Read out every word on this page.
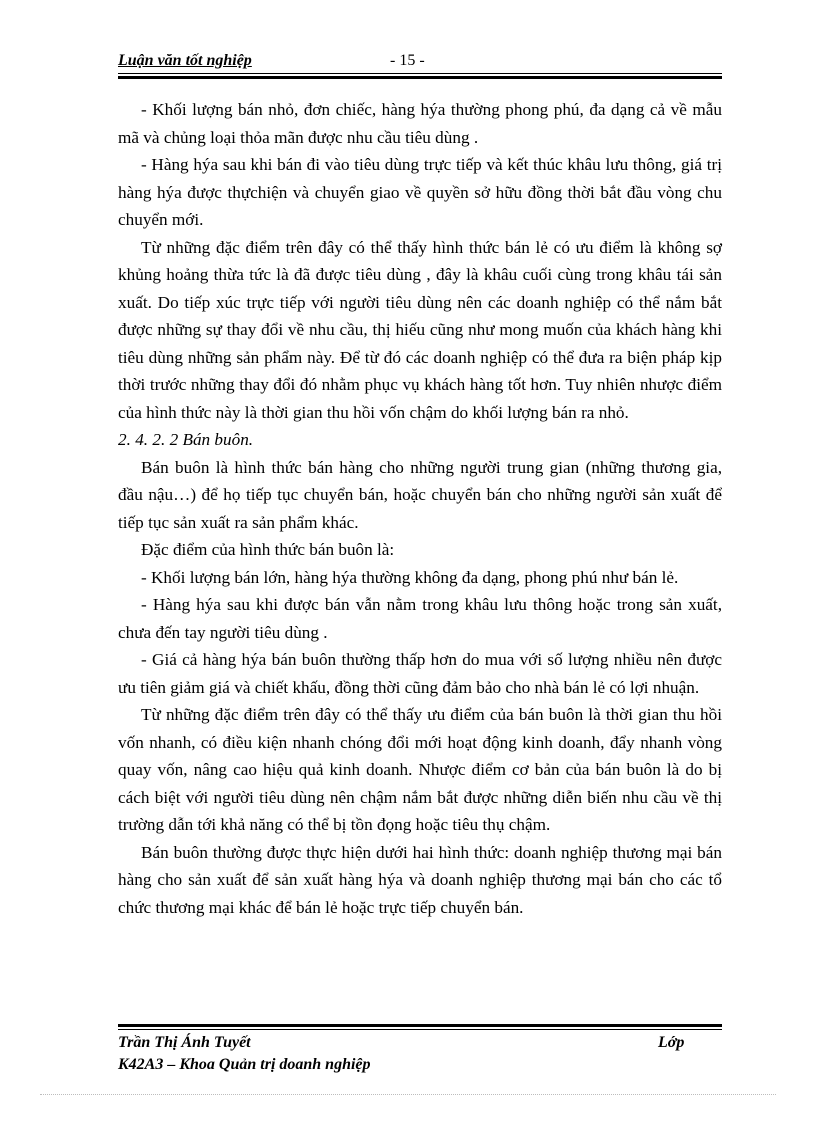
Luận văn tốt nghiệp	- 15 -

- Khối lượng bán nhỏ, đơn chiếc, hàng hýa thường phong phú, đa dạng cả về mẫu mã và chủng loại thỏa mãn được nhu cầu tiêu dùng .

- Hàng hýa sau khi bán đi vào tiêu dùng trực tiếp và kết thúc khâu lưu thông, giá trị hàng hýa được thựchiện và chuyển giao về quyền sở hữu đồng thời bắt đầu vòng chu chuyển mới.

Từ những đặc điểm trên đây có thể thấy hình thức bán lẻ có ưu điểm là không sợ khủng hoảng thừa tức là đã được tiêu dùng , đây là khâu cuối cùng trong khâu tái sản xuất. Do tiếp xúc trực tiếp với người tiêu dùng nên các doanh nghiệp có thể nắm bắt được những sự thay đổi về nhu cầu, thị hiếu cũng như mong muốn của khách hàng khi tiêu dùng những sản phẩm này. Để từ đó các doanh nghiệp có thể đưa ra biện pháp kịp thời trước những thay đổi đó nhằm phục vụ khách hàng tốt hơn. Tuy nhiên nhược điểm của hình thức này là thời gian thu hồi vốn chậm do khối lượng bán ra nhỏ.

2. 4. 2. 2 Bán buôn.

Bán buôn là hình thức bán hàng cho những người trung gian (những thương gia, đầu nậu…) để họ tiếp tục chuyển bán, hoặc chuyển bán cho những người sản xuất để tiếp tục sản xuất ra sản phẩm khác.

Đặc điểm của hình thức bán buôn là:

- Khối lượng bán lớn, hàng hýa thường không đa dạng, phong phú như bán lẻ.

- Hàng hýa sau khi được bán vẫn nằm trong khâu lưu thông hoặc trong sản xuất, chưa đến tay người tiêu dùng .

- Giá cả hàng hýa bán buôn thường thấp hơn do mua với số lượng nhiều nên được ưu tiên giảm giá và chiết khấu, đồng thời cũng đảm bảo cho nhà bán lẻ có lợi nhuận.

Từ những đặc điểm trên đây có thể thấy ưu điểm của bán buôn là thời gian thu hồi vốn nhanh, có điều kiện nhanh chóng đổi mới hoạt động kinh doanh, đẩy nhanh vòng quay vốn, nâng cao hiệu quả kinh doanh. Nhược điểm cơ bản của bán buôn là do bị cách biệt với người tiêu dùng nên chậm nắm bắt được những diễn biến nhu cầu về thị trường dẫn tới khả năng có thể bị tồn đọng hoặc tiêu thụ chậm.

Bán buôn thường được thực hiện dưới hai hình thức: doanh nghiệp thương mại bán hàng cho sản xuất để sản xuất hàng hýa và doanh nghiệp thương mại bán cho các tổ chức thương mại khác để bán lẻ hoặc trực tiếp chuyển bán.

Trần Thị Ánh Tuyết	Lớp
K42A3 – Khoa Quản trị doanh nghiệp
